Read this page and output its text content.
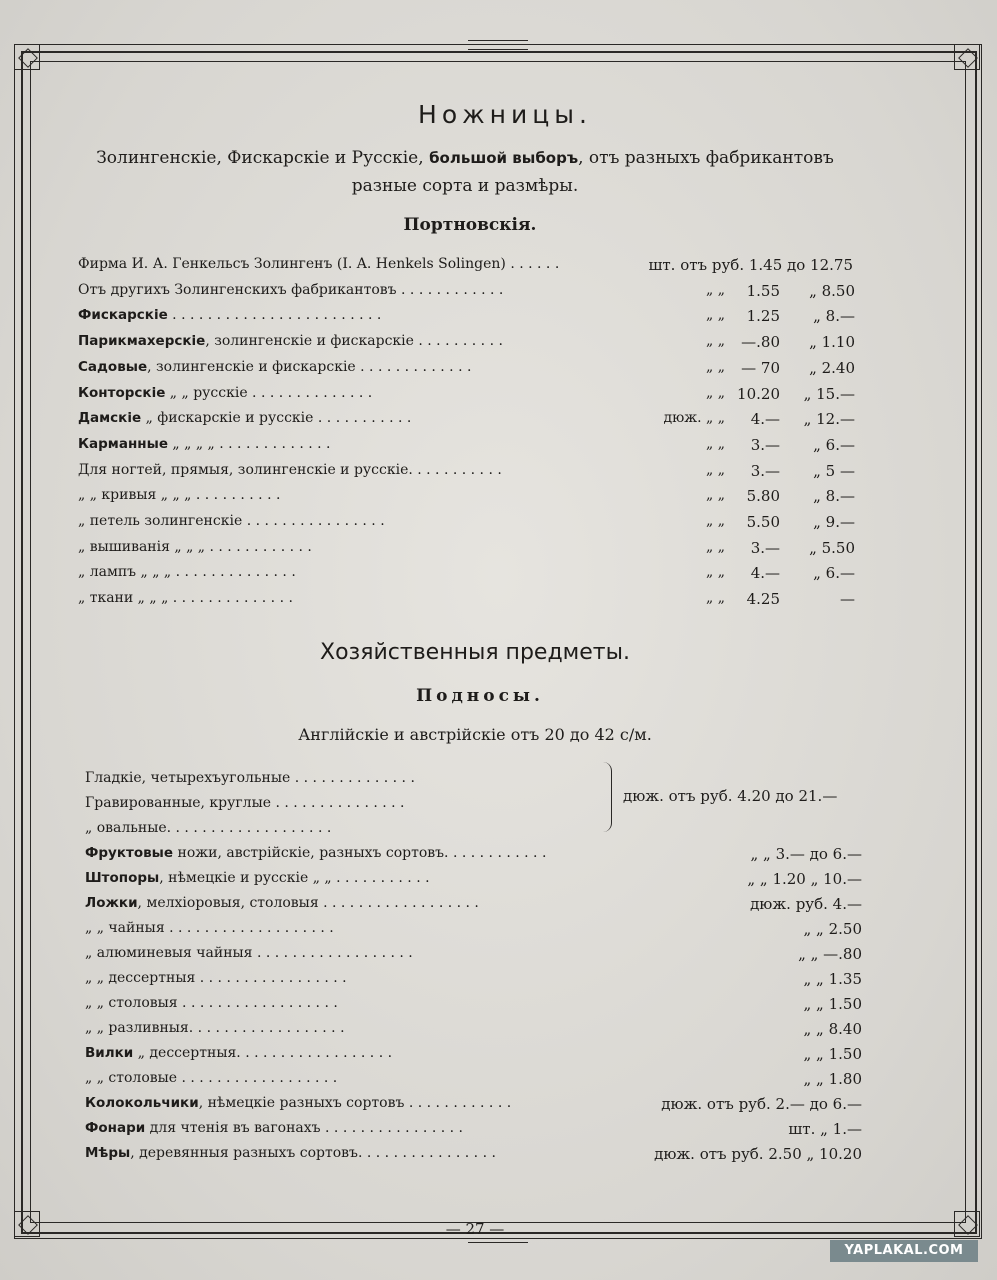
Ножницы.
Золингенскіе, Фискарскіе и Русскіе, большой выборъ, отъ разныхъ фабрикантовъ
разные сорта и размѣры.
Портновскія.
Фирма И. А. Генкельсъ Золингенъ (I. A. Henkels Solingen) . . . . . .	шт. отъ руб. 1.45 до 12.75
Отъ другихъ Золингенскихъ фабрикантовъ . . . . . . . . . . . .	„ „	1.55	„ 8.50
Фискарскіе . . . . . . . . . . . . . . . . . . . . . . . .	„ „	1.25	„ 8.—
Парикмахерскіе, золингенскіе и фискарскіе . . . . . . . . . .	„ „	—.80	„ 1.10
Садовые, золингенскіе и фискарскіе . . . . . . . . . . . . .	„ „	— 70	„ 2.40
Конторскіе „ „ русскіе . . . . . . . . . . . . . .	„ „ 10.20	„ 15.—
Дамскіе „ фискарскіе и русскіе . . . . . . . . . . .	дюж. „ „	4.—	„ 12.—
Карманные „ „ „ „ . . . . . . . . . . . . .	„ „	3.—	„ 6.—
Для ногтей, прямыя, золингенскіе и русскіе. . . . . . . . . . .	„ „	3.—	„ 5 —
„ „ кривыя „ „ „ . . . . . . . . . .	„ „	5.80	„ 8.—
„ петель золингенскіе . . . . . . . . . . . . . . . .	„ „	5.50	„ 9.—
„ вышиванія „ „ „ . . . . . . . . . . . .	„ „	3.—	„ 5.50
„ лампъ „ „ „ . . . . . . . . . . . . . .	„ „	4.—	„ 6.—
„ ткани „ „ „ . . . . . . . . . . . . . .	„ „	4.25	—
Хозяйственныя предметы.
Подносы.
Англійскіе и австрійскіе отъ 20 до 42 с/м.
Гладкіе, четырехъугольные . . . . . . . . . . . . . .
Гравированные, круглые . . . . . . . . . . . . . . .
„ овальные. . . . . . . . . . . . . . . . . . .
дюж. отъ руб. 4.20 до 21.—
Фруктовые ножи, австрійскіе, разныхъ сортовъ. . . . . . . . . . . .	„ „ 3.— до 6.—
Штопоры, нѣмецкіе и русскіе „ „ . . . . . . . . . . .	„ „ 1.20 „ 10.—
Ложки, мелхіоровыя, столовыя . . . . . . . . . . . . . . . . . .	дюж. руб. 4.—
„ „ чайныя . . . . . . . . . . . . . . . . . . .	„ „ 2.50
„ алюминевыя чайныя . . . . . . . . . . . . . . . . . .	„ „ —.80
„ „ дессертныя . . . . . . . . . . . . . . . . .	„ „ 1.35
„ „ столовыя . . . . . . . . . . . . . . . . . .	„ „ 1.50
„ „ разливныя. . . . . . . . . . . . . . . . . .	„ „ 8.40
Вилки „ дессертныя. . . . . . . . . . . . . . . . . .	„ „ 1.50
„ „ столовые . . . . . . . . . . . . . . . . . .	„ „ 1.80
Колокольчики, нѣмецкіе разныхъ сортовъ . . . . . . . . . . . .	дюж. отъ руб. 2.— до 6.—
Фонари для чтенія въ вагонахъ . . . . . . . . . . . . . . . .	шт. „ 1.—
Мѣры, деревянныя разныхъ сортовъ. . . . . . . . . . . . . . . .	дюж. отъ руб. 2.50 „ 10.20
— 27 —
YAPLAKAL.COM
